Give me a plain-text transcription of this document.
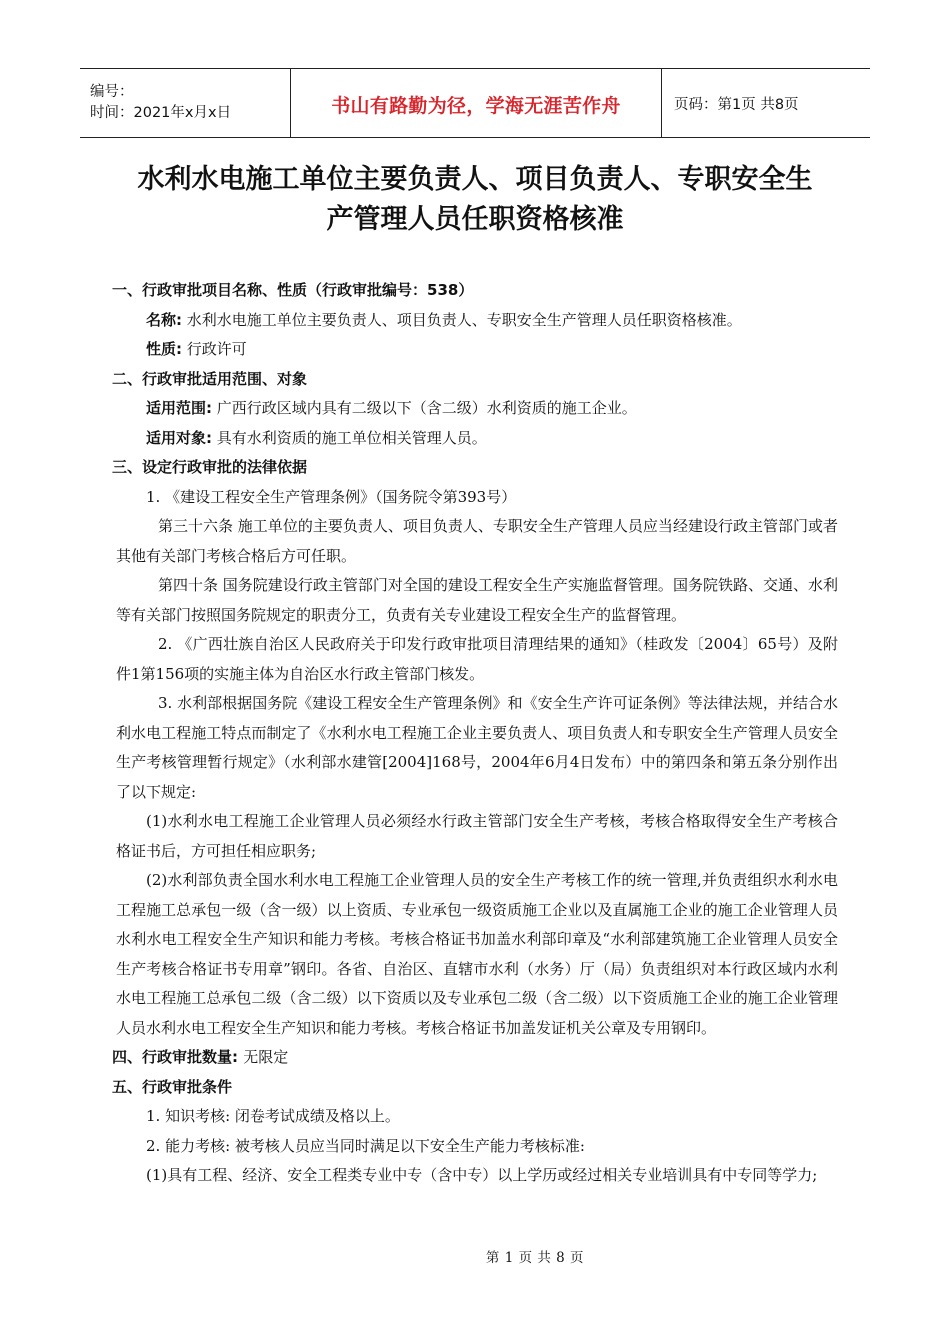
编号：
时间：2021年x月x日	书山有路勤为径，学海无涯苦作舟	页码：第1页 共8页
水利水电施工单位主要负责人、项目负责人、专职安全生
产管理人员任职资格核准

一、行政审批项目名称、性质（行政审批编号：538）

名称: 水利水电施工单位主要负责人、项目负责人、专职安全生产管理人员任职资格核准。

性质: 行政许可

二、行政审批适用范围、对象

适用范围: 广西行政区域内具有二级以下（含二级）水利资质的施工企业。

适用对象: 具有水利资质的施工单位相关管理人员。

三、设定行政审批的法律依据

1. 《建设工程安全生产管理条例》（国务院令第393号）

第三十六条 施工单位的主要负责人、项目负责人、专职安全生产管理人员应当经建设行政主管部门或者其他有关部门考核合格后方可任职。

第四十条 国务院建设行政主管部门对全国的建设工程安全生产实施监督管理。国务院铁路、交通、水利等有关部门按照国务院规定的职责分工，负责有关专业建设工程安全生产的监督管理。

2. 《广西壮族自治区人民政府关于印发行政审批项目清理结果的通知》（桂政发〔2004〕65号）及附件1第156项的实施主体为自治区水行政主管部门核发。

3. 水利部根据国务院《建设工程安全生产管理条例》和《安全生产许可证条例》等法律法规，并结合水利水电工程施工特点而制定了《水利水电工程施工企业主要负责人、项目负责人和专职安全生产管理人员安全生产考核管理暂行规定》（水利部水建管[2004]168号，2004年6月4日发布）中的第四条和第五条分别作出了以下规定:

(1)水利水电工程施工企业管理人员必须经水行政主管部门安全生产考核，考核合格取得安全生产考核合格证书后，方可担任相应职务;

(2)水利部负责全国水利水电工程施工企业管理人员的安全生产考核工作的统一管理,并负责组织水利水电工程施工总承包一级（含一级）以上资质、专业承包一级资质施工企业以及直属施工企业的施工企业管理人员水利水电工程安全生产知识和能力考核。考核合格证书加盖水利部印章及“水利部建筑施工企业管理人员安全生产考核合格证书专用章”钢印。各省、自治区、直辖市水利（水务）厅（局）负责组织对本行政区域内水利水电工程施工总承包二级（含二级）以下资质以及专业承包二级（含二级）以下资质施工企业的施工企业管理人员水利水电工程安全生产知识和能力考核。考核合格证书加盖发证机关公章及专用钢印。

四、行政审批数量: 无限定

五、行政审批条件

1. 知识考核: 闭卷考试成绩及格以上。

2. 能力考核: 被考核人员应当同时满足以下安全生产能力考核标准:

(1)具有工程、经济、安全工程类专业中专（含中专）以上学历或经过相关专业培训具有中专同等学力;

第 1 页 共 8 页
